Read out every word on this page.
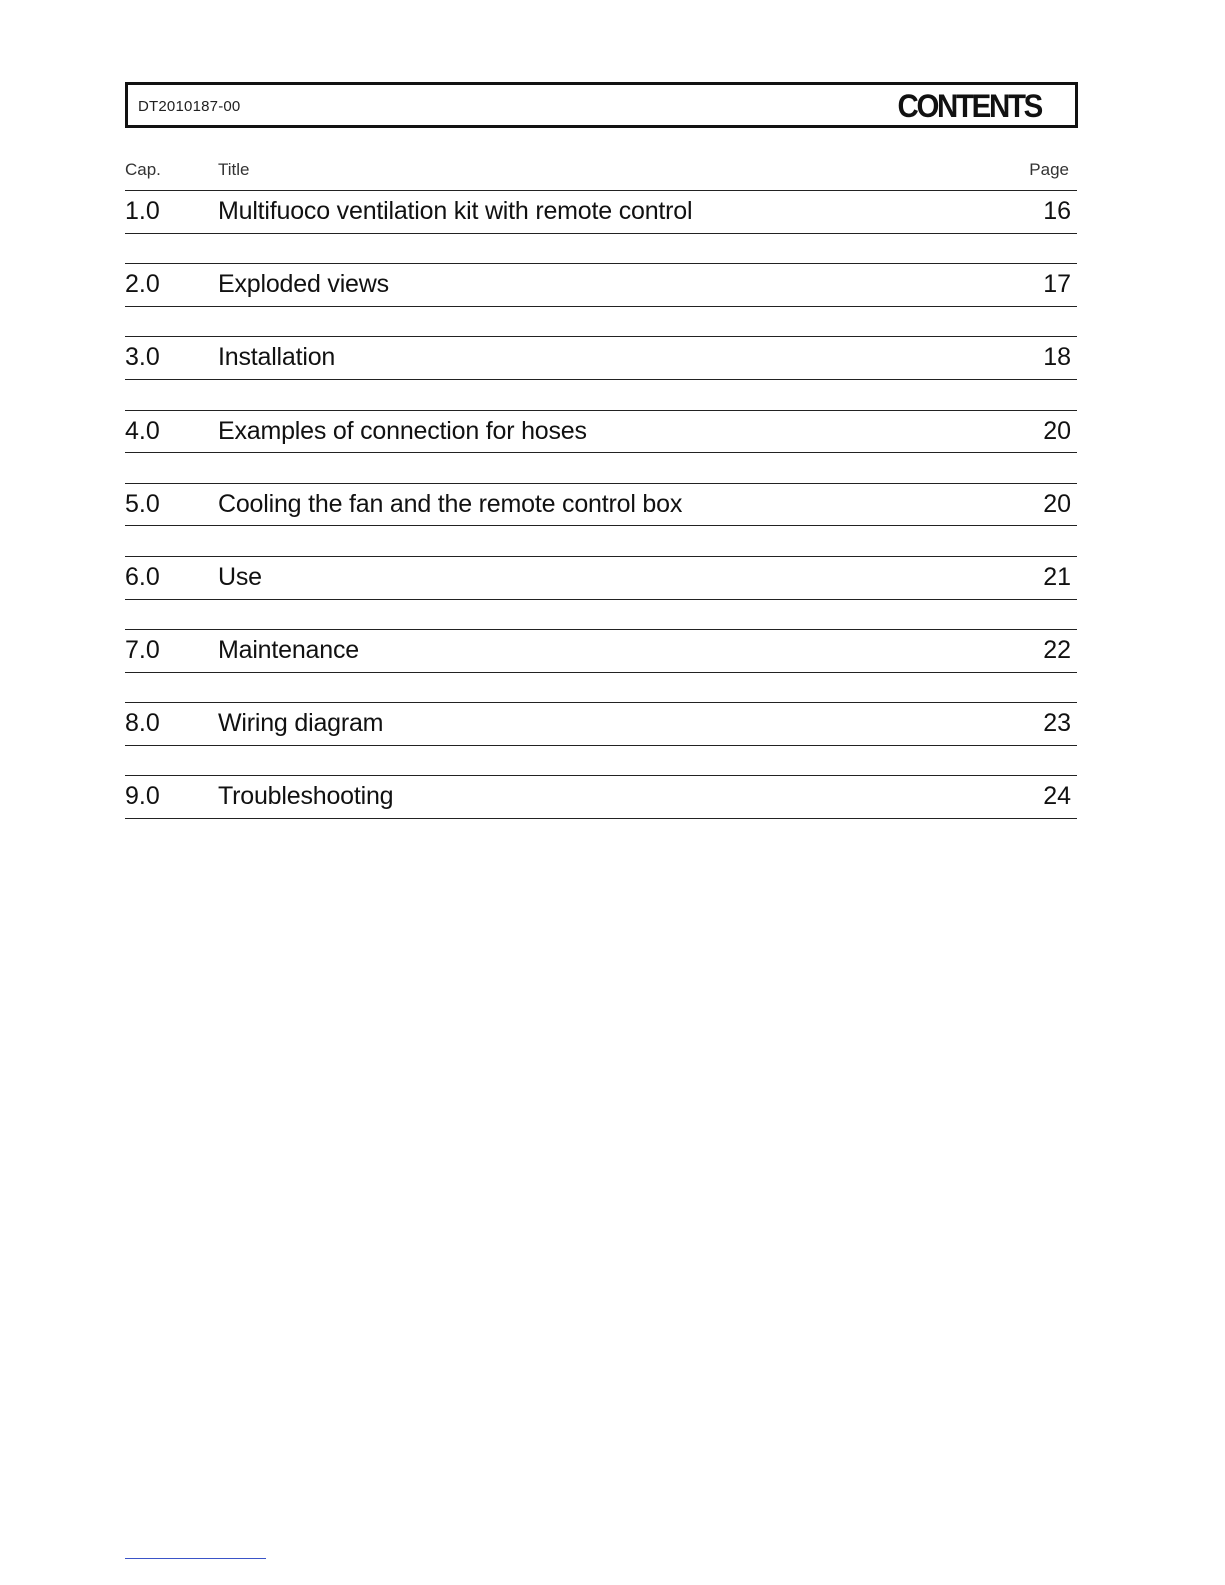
DT2010187-00	CONTENTS
Cap.	Title	Page
1.0 Multifuoco ventilation kit with remote control	16
2.0 Exploded views	17
3.0 Installation	18
4.0 Examples of connection for hoses	20
5.0 Cooling the fan and the remote control box	20
6.0 Use	21
7.0 Maintenance	22
8.0 Wiring diagram	23
9.0 Troubleshooting	24
